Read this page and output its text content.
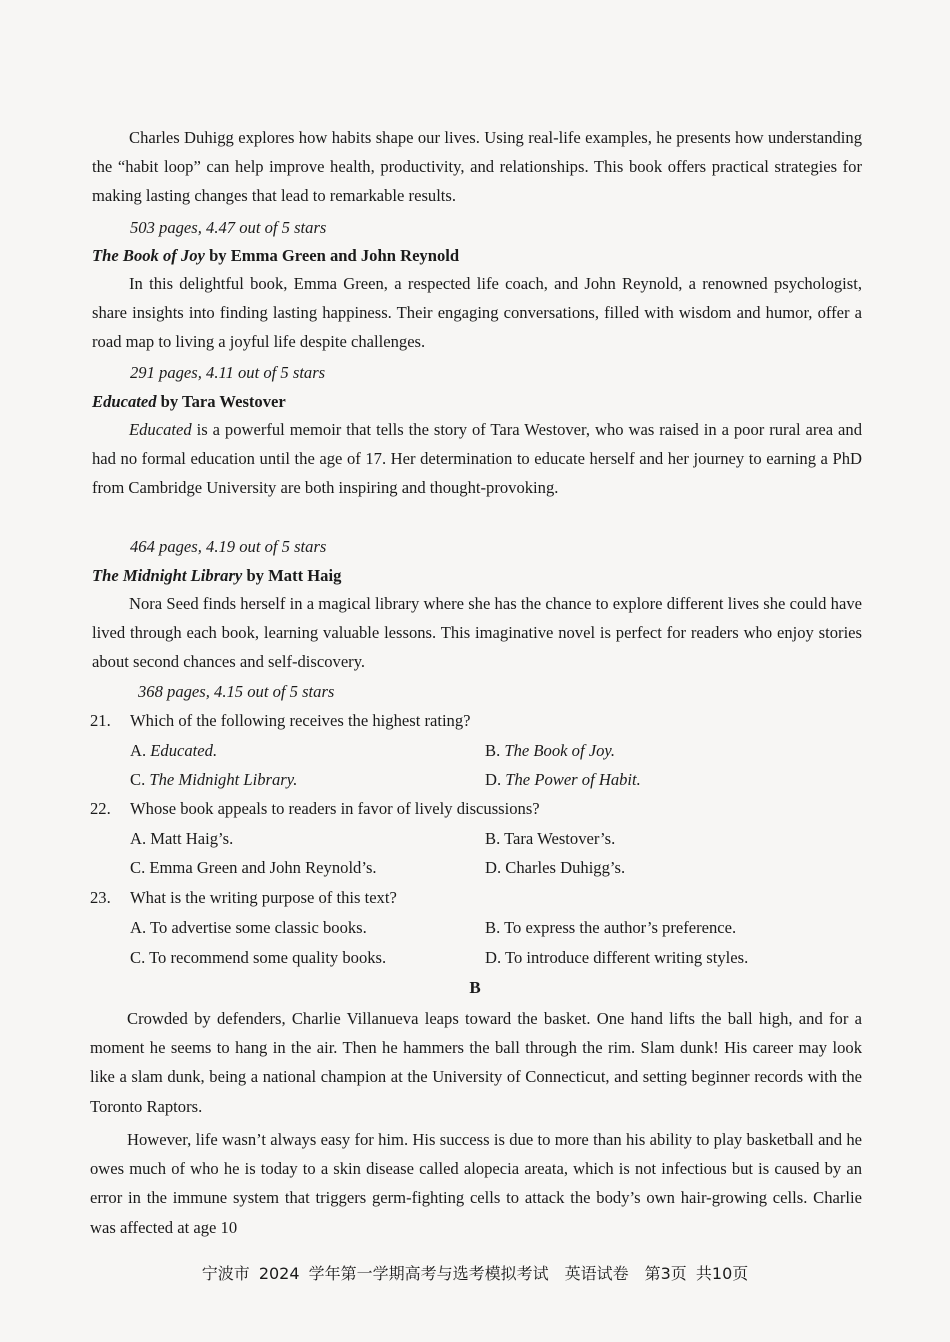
Charles Duhigg explores how habits shape our lives. Using real-life examples, he presents how understanding the “habit loop” can help improve health, productivity, and relationships. This book offers practical strategies for making lasting changes that lead to remarkable results.
503 pages, 4.47 out of 5 stars
The Book of Joy by Emma Green and John Reynold
In this delightful book, Emma Green, a respected life coach, and John Reynold, a renowned psychologist, share insights into finding lasting happiness. Their engaging conversations, filled with wisdom and humor, offer a road map to living a joyful life despite challenges.
291 pages, 4.11 out of 5 stars
Educated by Tara Westover
Educated is a powerful memoir that tells the story of Tara Westover, who was raised in a poor rural area and had no formal education until the age of 17. Her determination to educate herself and her journey to earning a PhD from Cambridge University are both inspiring and thought-provoking.
464 pages, 4.19 out of 5 stars
The Midnight Library by Matt Haig
Nora Seed finds herself in a magical library where she has the chance to explore different lives she could have lived through each book, learning valuable lessons. This imaginative novel is perfect for readers who enjoy stories about second chances and self-discovery.
368 pages, 4.15 out of 5 stars
21. Which of the following receives the highest rating?
A. Educated.	B. The Book of Joy.
C. The Midnight Library.	D. The Power of Habit.
22. Whose book appeals to readers in favor of lively discussions?
A. Matt Haig’s.	B. Tara Westover’s.
C. Emma Green and John Reynold’s.	D. Charles Duhigg’s.
23. What is the writing purpose of this text?
A. To advertise some classic books.	B. To express the author’s preference.
C. To recommend some quality books.	D. To introduce different writing styles.
B
Crowded by defenders, Charlie Villanueva leaps toward the basket. One hand lifts the ball high, and for a moment he seems to hang in the air. Then he hammers the ball through the rim. Slam dunk! His career may look like a slam dunk, being a national champion at the University of Connecticut, and setting beginner records with the Toronto Raptors.
However, life wasn’t always easy for him. His success is due to more than his ability to play basketball and he owes much of who he is today to a skin disease called alopecia areata, which is not infectious but is caused by an error in the immune system that triggers germ-fighting cells to attack the body’s own hair-growing cells. Charlie was affected at age 10
宁波市 2024 学年第一学期高考与选考模拟考试　英语试卷　第3页 共10页
